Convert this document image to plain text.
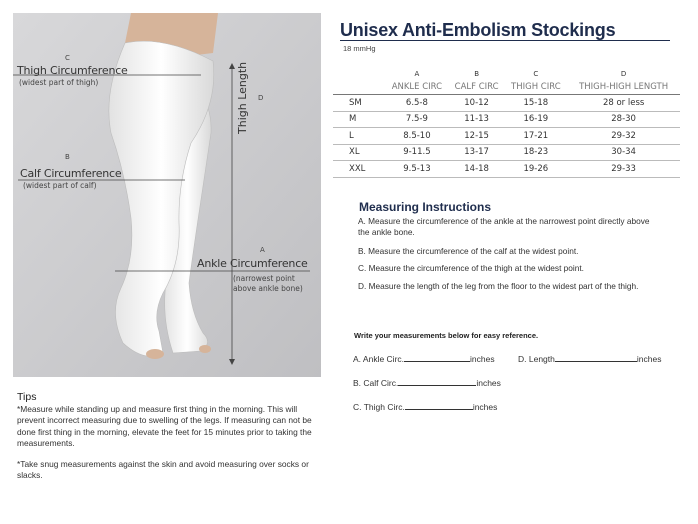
C
Thigh Circumference
(widest part of thigh)
B
Calf Circumference
(widest part of calf)
A
Ankle Circumference
(narrowest point
above ankle bone)
D
Thigh Length
Unisex Anti-Embolism Stockings
18 mmHg
	A	B	C	D
	ANKLE CIRC	CALF CIRC	THIGH CIRC	THIGH-HIGH LENGTH
SM	6.5-8	10-12	15-18	28 or less
M	7.5-9	11-13	16-19	28-30
L	8.5-10	12-15	17-21	29-32
XL	9-11.5	13-17	18-23	30-34
XXL	9.5-13	14-18	19-26	29-33
Measuring Instructions
A. Measure the circumference of the ankle at the narrowest point directly above the ankle bone.
B. Measure the circumference of the calf at the widest point.
C. Measure the circumference of the thigh at the widest point.
D. Measure the length of the leg from the floor to the widest part of the thigh.
Write your measurements below for easy reference.
A. Ankle Circ.	inches	D. Length	inches
B. Calf Circ.	inches
C. Thigh Circ.	inches
Tips
*Measure while standing up and measure first thing in the morning. This will prevent incorrect measuring due to swelling of the legs. If measuring can not be done first thing in the morning, elevate the feet for 15 minutes prior to taking the measurements.
*Take snug measurements against the skin and avoid measuring over socks or slacks.
